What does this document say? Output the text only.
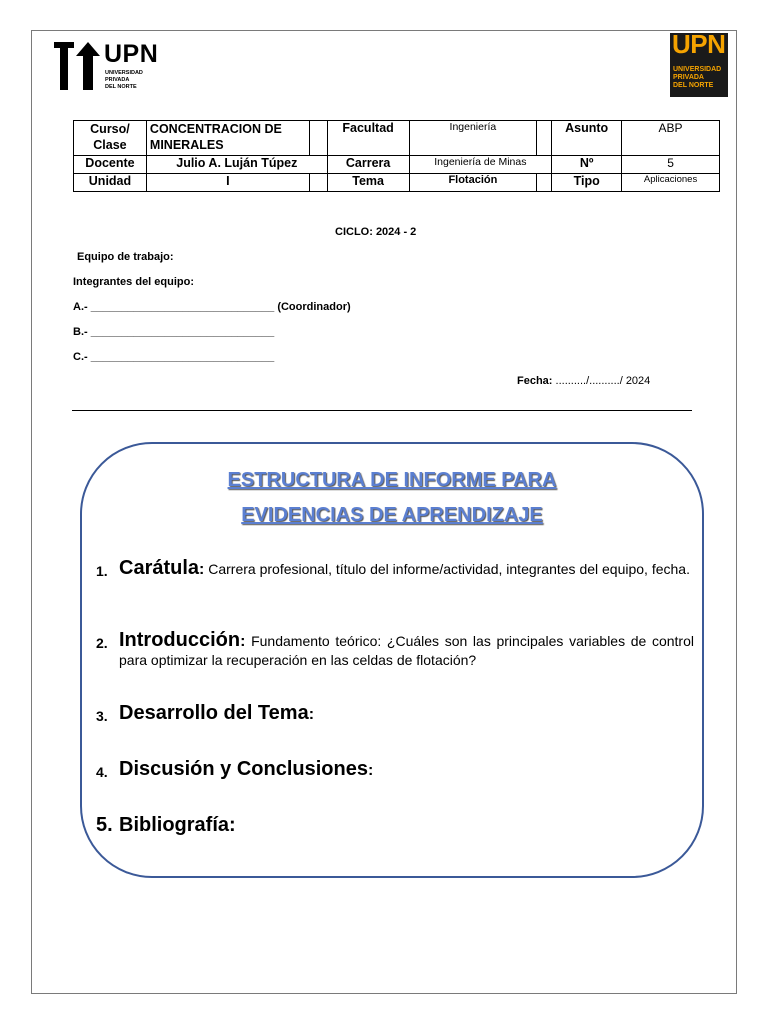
UPN
UNIVERSIDAD
PRIVADA
DEL NORTE
UPN
UNIVERSIDAD
PRIVADA
DEL NORTE
Curso/ Clase	CONCENTRACION DE MINERALES		Facultad	Ingeniería		Asunto	ABP
Docente	Julio A. Luján Túpez		Carrera	Ingeniería de Minas		Nº	5
Unidad	I		Tema	Flotación		Tipo	Aplicaciones
CICLO: 2024 - 2
Equipo de trabajo:
Integrantes del equipo:
A.- ______________________________ (Coordinador)
B.- ______________________________
C.- ______________________________
Fecha: ........../........../ 2024
ESTRUCTURA DE INFORME PARA
EVIDENCIAS DE APRENDIZAJE
1. Carátula: Carrera profesional, título del informe/actividad, integrantes del equipo, fecha.
2. Introducción: Fundamento teórico: ¿Cuáles son las principales variables de control para optimizar la recuperación en las celdas de flotación?
3. Desarrollo del Tema:
4. Discusión y Conclusiones:
5. Bibliografía:
